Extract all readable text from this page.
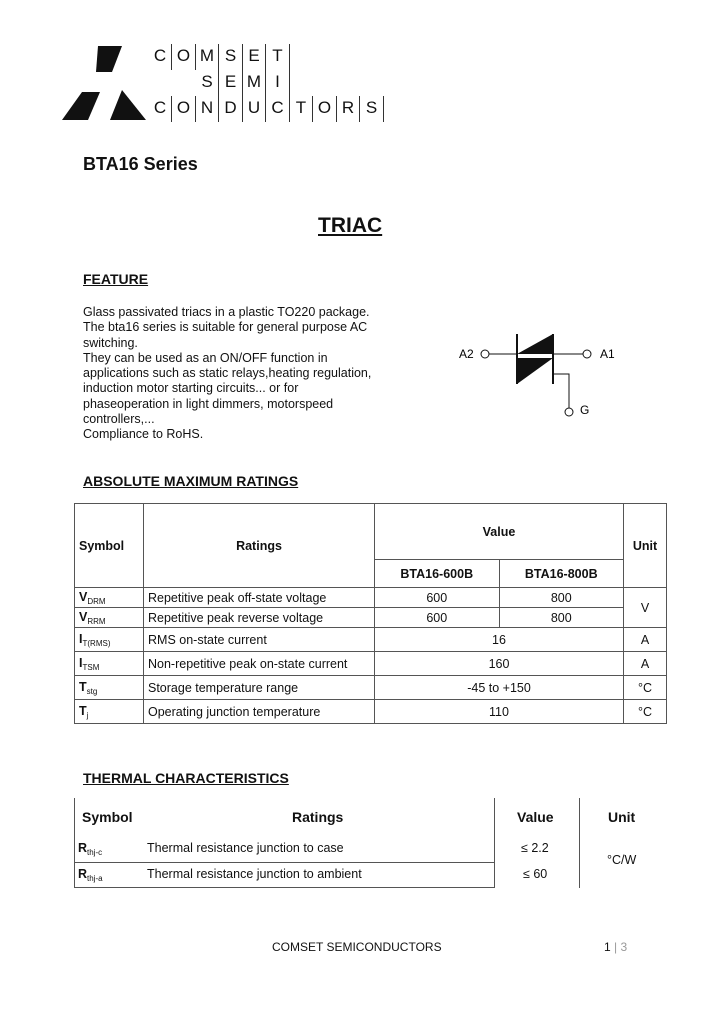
C O M S E T
S E M I
C O N D U C T O R S
BTA16 Series
TRIAC
FEATURE
Glass passivated triacs in a plastic TO220 package.
The bta16 series is suitable for general purpose AC
switching.
They can be used as an ON/OFF function in
applications such as static relays,heating regulation,
induction motor starting circuits... or for
phaseoperation in light dimmers, motorspeed
controllers,...
Compliance to RoHS.
A2	A1
G
ABSOLUTE MAXIMUM RATINGS
Symbol	Ratings	Value		Unit
		BTA16-600B	BTA16-800B	
$V_{DRM}$	Repetitive peak off-state voltage	600	800	V
$V_{RRM}$	Repetitive peak reverse voltage	600	800	
$I_{T(RMS)}$	RMS on-state current	16		A
$I_{TSM}$	Non-repetitive peak on-state current	160		A
$T_{stg}$	Storage temperature range	-45 to +150		°C
$T_j$	Operating junction temperature	110		°C
THERMAL CHARACTERISTICS
Symbol	Ratings	Value	Unit
$R_{thj-c}$	Thermal resistance junction to case	≤ 2.2
$R_{thj-a}$	Thermal resistance junction to ambient	≤ 60
°C/W
COMSET SEMICONDUCTORS	1 | 3
